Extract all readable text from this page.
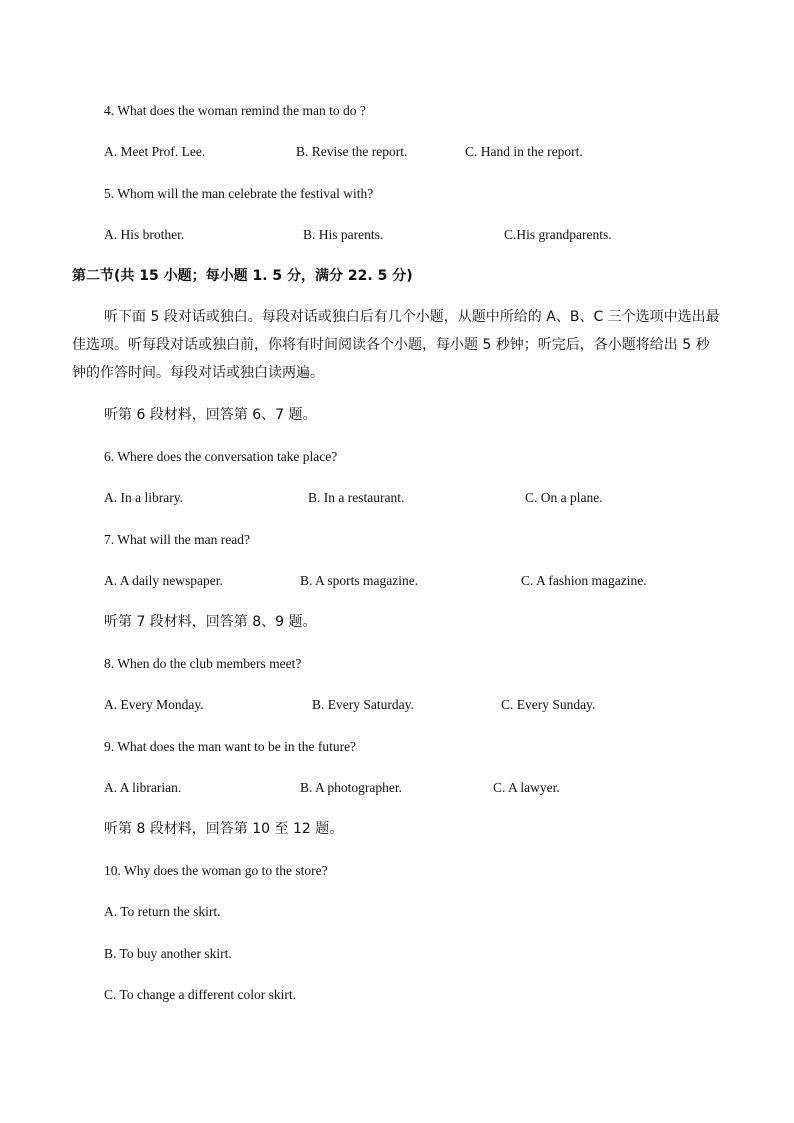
4. What does the woman remind the man to do ?
A. Meet Prof. Lee.	B. Revise the report.	C. Hand in the report.
5. Whom will the man celebrate the festival with?
A. His brother.	B. His parents.	C.His grandparents.
第二节(共 15 小题；每小题 1. 5 分，满分 22. 5 分)
听下面 5 段对话或独白。每段对话或独白后有几个小题，从题中所给的 A、B、C 三个选项中选出最佳选项。听每段对话或独白前，你将有时间阅读各个小题，每小题 5 秒钟；听完后，各小题将给出 5 秒钟的作答时间。每段对话或独白读两遍。
听第 6 段材料，回答第 6、7 题。
6. Where does the conversation take place?
A. In a library.	B. In a restaurant.	C. On a plane.
7. What will the man read?
A. A daily newspaper.	B. A sports magazine.	C. A fashion magazine.
听第 7 段材料，回答第 8、9 题。
8. When do the club members meet?
A. Every Monday.	B. Every Saturday.	C. Every Sunday.
9. What does the man want to be in the future?
A. A librarian.	B. A photographer.	C. A lawyer.
听第 8 段材料，回答第 10 至 12 题。
10. Why does the woman go to the store?
A. To return the skirt.
B. To buy another skirt.
C. To change a different color skirt.
